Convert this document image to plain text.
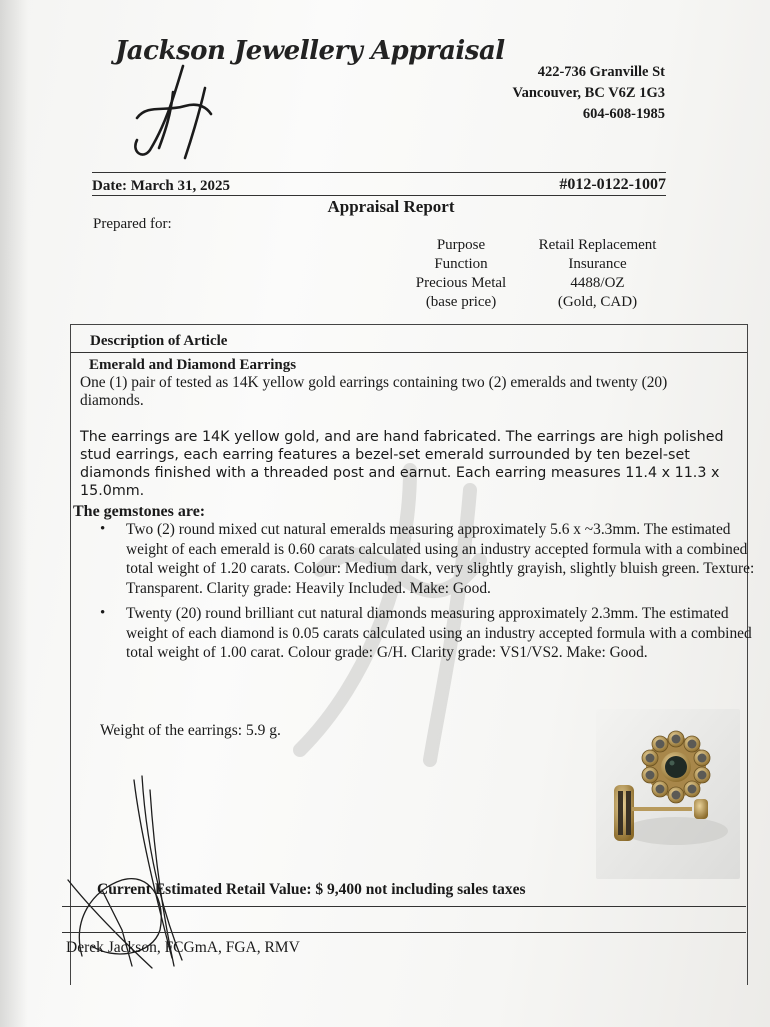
Jackson Jewellery Appraisal
422-736 Granville St
Vancouver, BC V6Z 1G3
604-608-1985
Date: March 31, 2025	#012-0122-1007
Appraisal Report
Prepared for:
Purpose
Function
Precious Metal
(base price)
Retail Replacement
Insurance
4488/OZ
(Gold, CAD)
Description of Article
Emerald and Diamond Earrings
One (1) pair of tested as 14K yellow gold earrings containing two (2) emeralds and twenty (20) diamonds.
The earrings are 14K yellow gold, and are hand fabricated. The earrings are high polished stud earrings, each earring features a bezel-set emerald surrounded by ten bezel-set diamonds finished with a threaded post and earnut. Each earring measures 11.4 x 11.3 x 15.0mm.
The gemstones are:
• Two (2) round mixed cut natural emeralds measuring approximately 5.6 x ~3.3mm. The estimated weight of each emerald is 0.60 carats calculated using an industry accepted formula with a combined total weight of 1.20 carats. Colour: Medium dark, very slightly grayish, slightly bluish green. Texture: Transparent. Clarity grade: Heavily Included. Make: Good.
• Twenty (20) round brilliant cut natural diamonds measuring approximately 2.3mm. The estimated weight of each diamond is 0.05 carats calculated using an industry accepted formula with a combined total weight of 1.00 carat. Colour grade: G/H. Clarity grade: VS1/VS2. Make: Good.
Weight of the earrings: 5.9 g.
Current Estimated Retail Value: $ 9,400 not including sales taxes
Derek Jackson, FCGmA, FGA, RMV
